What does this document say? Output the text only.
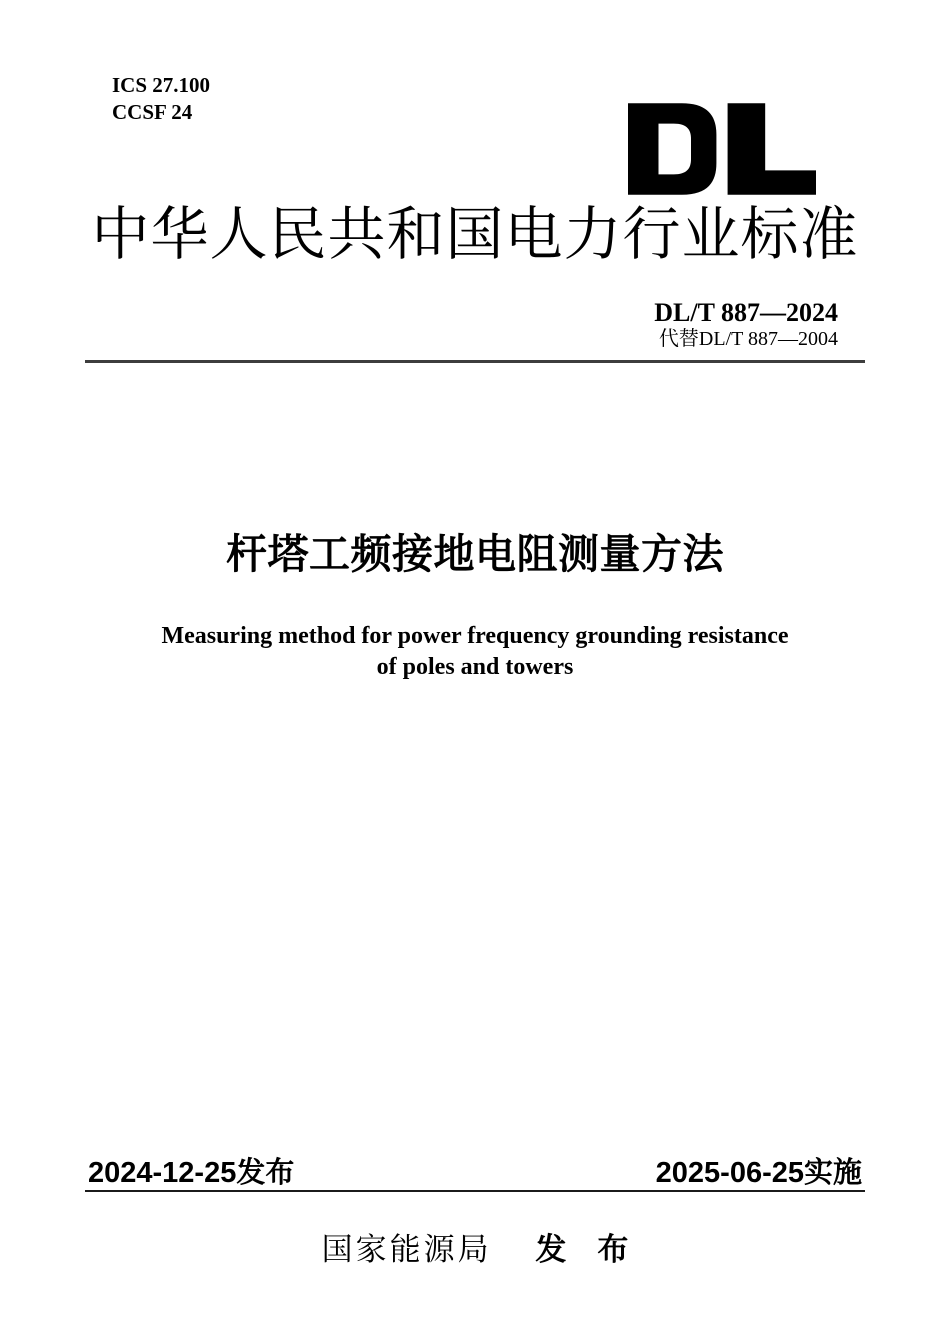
ICS 27.100
CCSF 24
中华人民共和国电力行业标准
DL/T 887—2024
代替DL/T 887—2004
杆塔工频接地电阻测量方法
Measuring method for power frequency grounding resistance
of poles and towers
2024-12-25发布	2025-06-25实施
国家能源局 发　布
